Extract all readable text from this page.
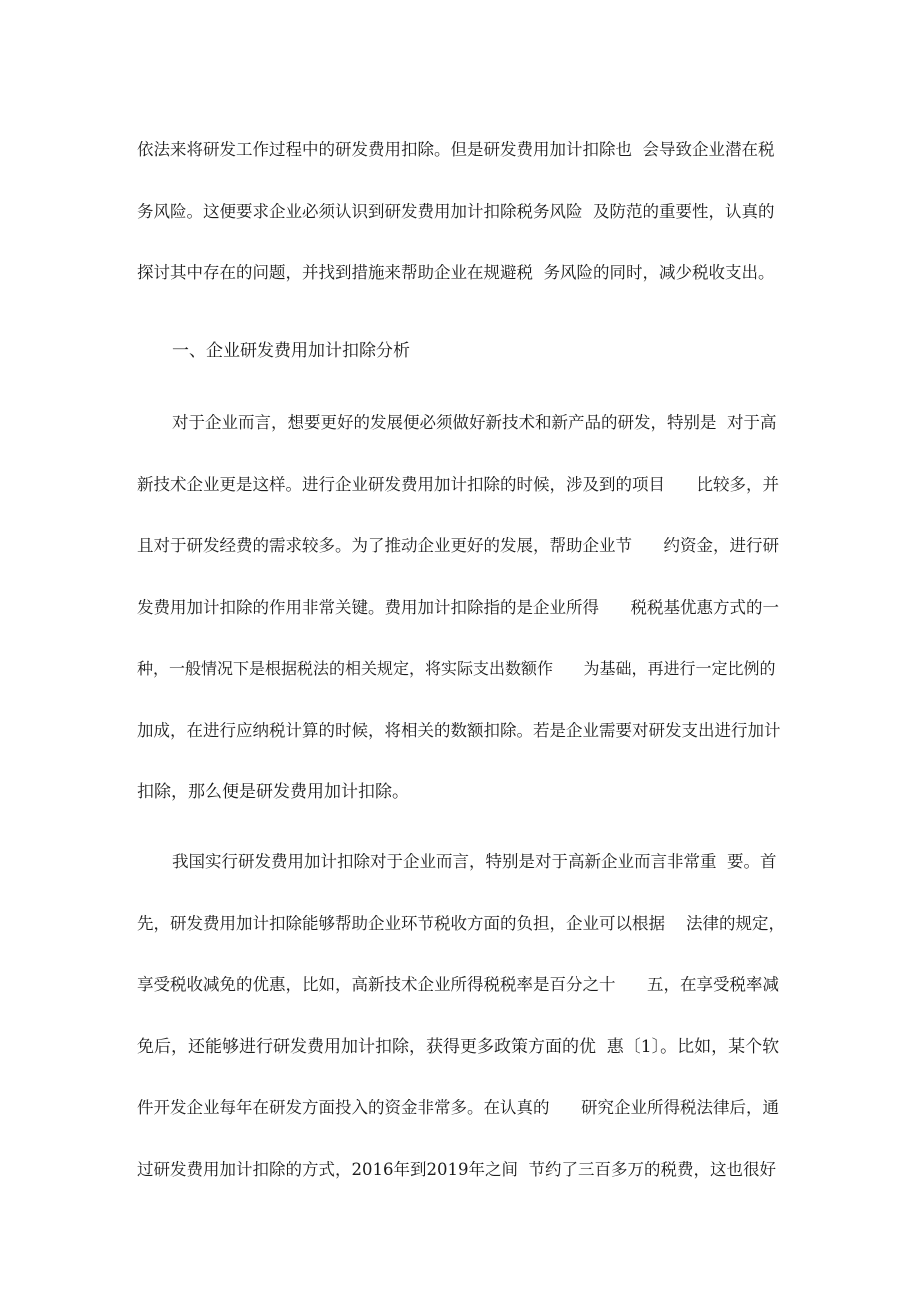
依法来将研发工作过程中的研发费用扣除。但是研发费用加计扣除也  会导致企业潜在税
务风险。这便要求企业必须认识到研发费用加计扣除税务风险  及防范的重要性，认真的
探讨其中存在的问题，并找到措施来帮助企业在规避税  务风险的同时，减少税收支出。
一、企业研发费用加计扣除分析
对于企业而言，想要更好的发展便必须做好新技术和新产品的研发，特别是  对于高
新技术企业更是这样。进行企业研发费用加计扣除的时候，涉及到的项目      比较多，并
且对于研发经费的需求较多。为了推动企业更好的发展，帮助企业节      约资金，进行研
发费用加计扣除的作用非常关键。费用加计扣除指的是企业所得      税税基优惠方式的一
种，一般情况下是根据税法的相关规定，将实际支出数额作      为基础，再进行一定比例的
加成，在进行应纳税计算的时候，将相关的数额扣除。若是企业需要对研发支出进行加计
扣除，那么便是研发费用加计扣除。
我国实行研发费用加计扣除对于企业而言，特别是对于高新企业而言非常重  要。首
先，研发费用加计扣除能够帮助企业环节税收方面的负担，企业可以根据    法律的规定，
享受税收减免的优惠，比如，高新技术企业所得税税率是百分之十      五，在享受税率减
免后，还能够进行研发费用加计扣除，获得更多政策方面的优  惠〔1〕。比如，某个软
件开发企业每年在研发方面投入的资金非常多。在认真的      研究企业所得税法律后，通
过研发费用加计扣除的方式，2016年到2019年之间  节约了三百多万的税费，这也很好
